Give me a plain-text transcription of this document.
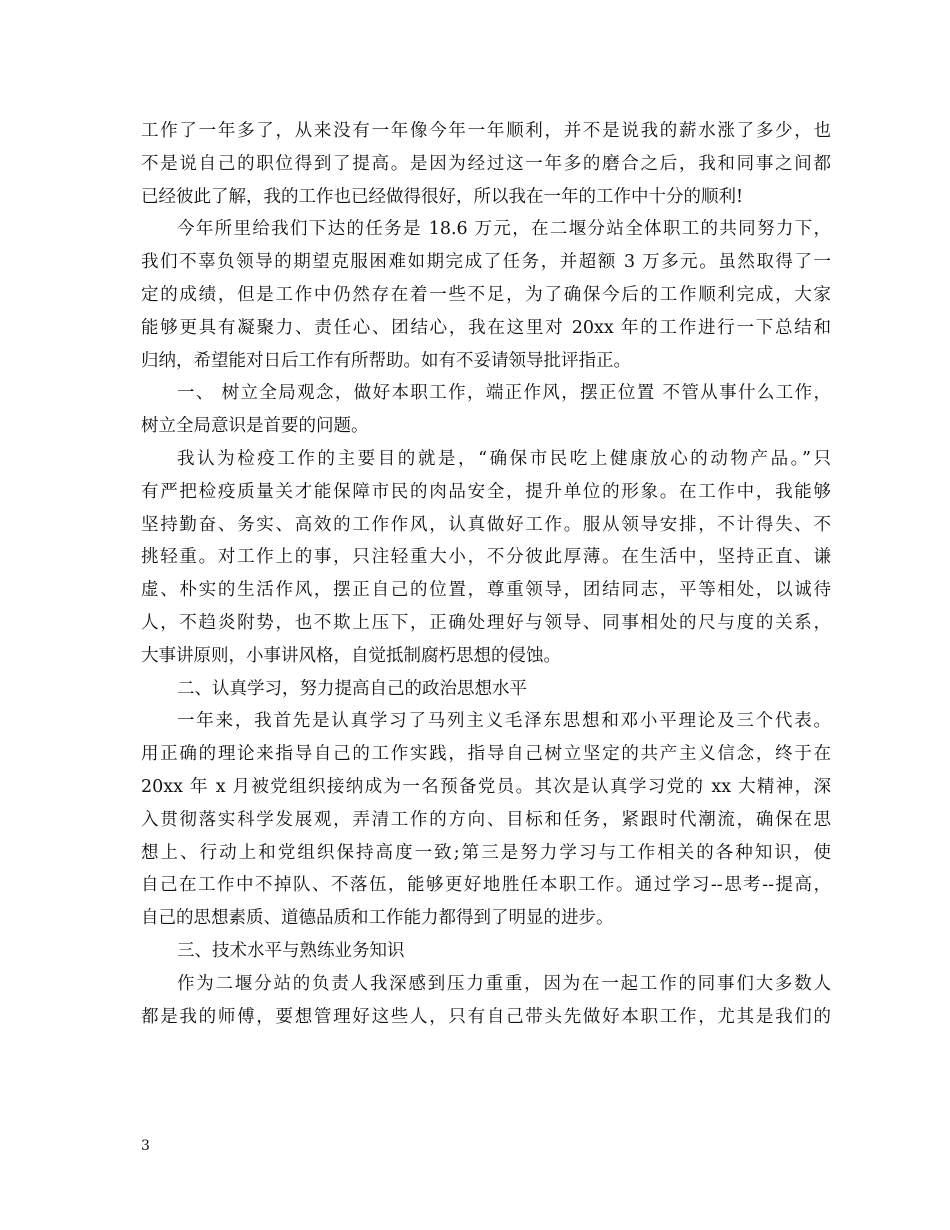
工作了一年多了，从来没有一年像今年一年顺利，并不是说我的薪水涨了多少，也
不是说自己的职位得到了提高。是因为经过这一年多的磨合之后，我和同事之间都
已经彼此了解，我的工作也已经做得很好，所以我在一年的工作中十分的顺利!
今年所里给我们下达的任务是 18.6 万元，在二堰分站全体职工的共同努力下，
我们不辜负领导的期望克服困难如期完成了任务，并超额 3 万多元。虽然取得了一
定的成绩，但是工作中仍然存在着一些不足，为了确保今后的工作顺利完成，大家
能够更具有凝聚力、责任心、团结心，我在这里对 20xx 年的工作进行一下总结和
归纳，希望能对日后工作有所帮助。如有不妥请领导批评指正。
一、 树立全局观念，做好本职工作，端正作风，摆正位置 不管从事什么工作，
树立全局意识是首要的问题。
我认为检疫工作的主要目的就是，“确保市民吃上健康放心的动物产品。”只
有严把检疫质量关才能保障市民的肉品安全，提升单位的形象。在工作中，我能够
坚持勤奋、务实、高效的工作作风，认真做好工作。服从领导安排，不计得失、不
挑轻重。对工作上的事，只注轻重大小，不分彼此厚薄。在生活中，坚持正直、谦
虚、朴实的生活作风，摆正自己的位置，尊重领导，团结同志，平等相处，以诚待
人，不趋炎附势，也不欺上压下，正确处理好与领导、同事相处的尺与度的关系，
大事讲原则，小事讲风格，自觉抵制腐朽思想的侵蚀。
二、认真学习，努力提高自己的政治思想水平
一年来，我首先是认真学习了马列主义毛泽东思想和邓小平理论及三个代表。
用正确的理论来指导自己的工作实践，指导自己树立坚定的共产主义信念，终于在
20xx 年 x 月被党组织接纳成为一名预备党员。其次是认真学习党的 xx 大精神，深
入贯彻落实科学发展观，弄清工作的方向、目标和任务，紧跟时代潮流，确保在思
想上、行动上和党组织保持高度一致;第三是努力学习与工作相关的各种知识，使
自己在工作中不掉队、不落伍，能够更好地胜任本职工作。通过学习--思考--提高，
自己的思想素质、道德品质和工作能力都得到了明显的进步。
三、技术水平与熟练业务知识
作为二堰分站的负责人我深感到压力重重，因为在一起工作的同事们大多数人
都是我的师傅，要想管理好这些人，只有自己带头先做好本职工作，尤其是我们的
3
